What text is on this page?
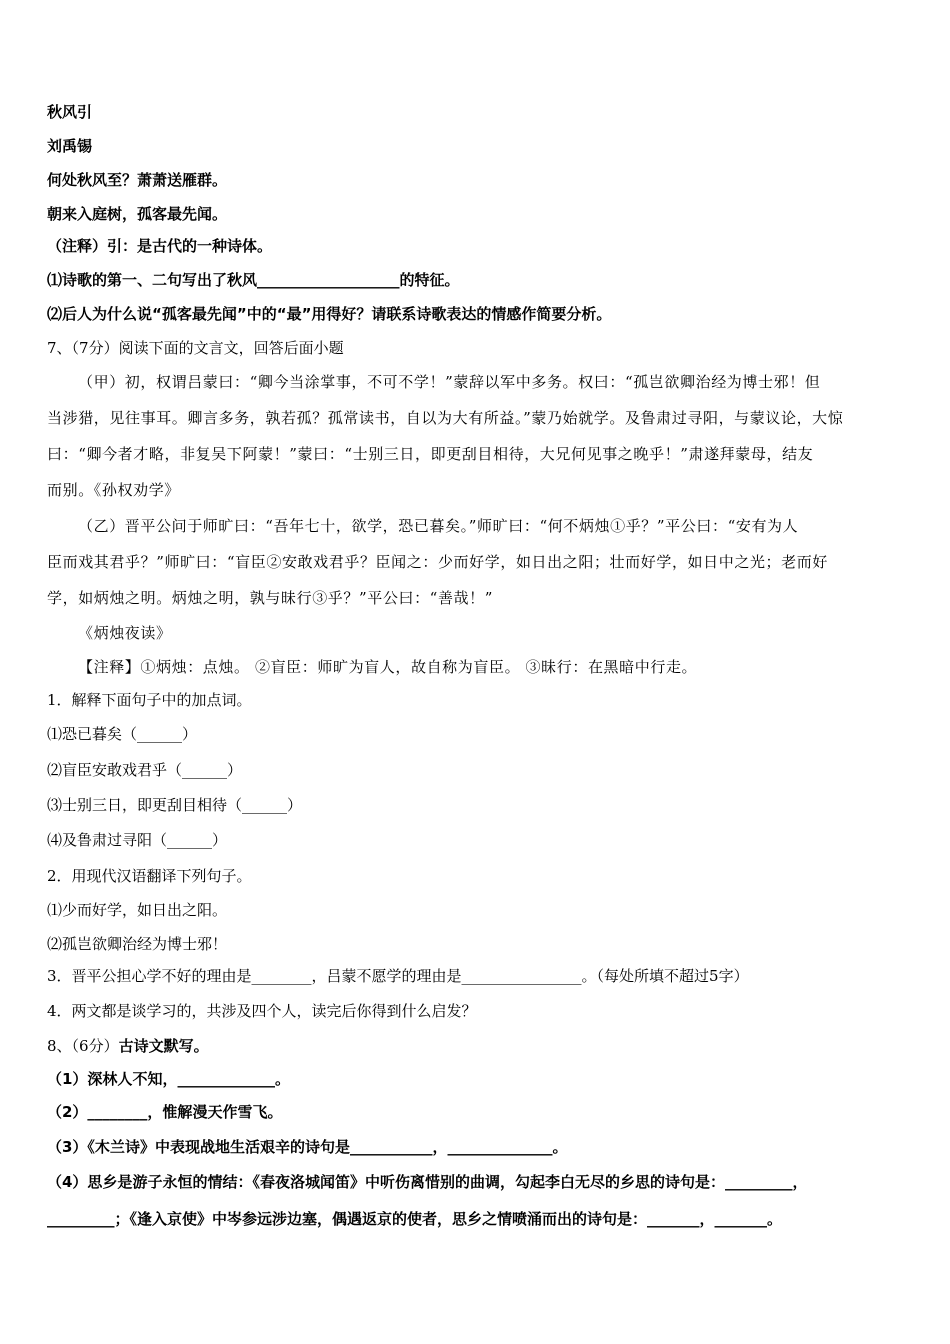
秋风引
刘禹锡
何处秋风至？萧萧送雁群。
朝来入庭树，孤客最先闻。
（注释）引：是古代的一种诗体。
⑴诗歌的第一、二句写出了秋风___________________的特征。
⑵后人为什么说“孤客最先闻”中的“最”用得好？请联系诗歌表达的情感作简要分析。
7、（7分）阅读下面的文言文，回答后面小题
（甲）初，权谓吕蒙曰：“卿今当涂掌事，不可不学！”蒙辞以军中多务。权曰：“孤岂欲卿治经为博士邪！但
当涉猎，见往事耳。卿言多务，孰若孤？孤常读书，自以为大有所益。”蒙乃始就学。及鲁肃过寻阳，与蒙议论，大惊
曰：“卿今者才略，非复吴下阿蒙！”蒙曰：“士别三日，即更刮目相待，大兄何见事之晚乎！”肃遂拜蒙母，结友
而别。《孙权劝学》
（乙）晋平公问于师旷曰：“吾年七十，欲学，恐已暮矣。”师旷曰：“何不炳烛①乎？”平公曰：“安有为人
臣而戏其君乎？”师旷曰：“盲臣②安敢戏君乎？臣闻之：少而好学，如日出之阳；壮而好学，如日中之光；老而好
学，如炳烛之明。炳烛之明，孰与昧行③乎？”平公曰：“善哉！”
《炳烛夜读》
【注释】①炳烛：点烛。 ②盲臣：师旷为盲人，故自称为盲臣。 ③昧行：在黑暗中行走。
1．解释下面句子中的加点词。
⑴恐已暮矣（______）
⑵盲臣安敢戏君乎（______）
⑶士别三日，即更刮目相待（______）
⑷及鲁肃过寻阳（______）
2．用现代汉语翻译下列句子。
⑴少而好学，如日出之阳。
⑵孤岂欲卿治经为博士邪！
3．晋平公担心学不好的理由是________，吕蒙不愿学的理由是________________。（每处所填不超过5字）
4．两文都是谈学习的，共涉及四个人，读完后你得到什么启发？
8、（6分）古诗文默写。
（1）深林人不知，_____________。
（2）________，惟解漫天作雪飞。
（3）《木兰诗》中表现战地生活艰辛的诗句是___________，______________。
（4）思乡是游子永恒的情结：《春夜洛城闻笛》中听伤离惜别的曲调，勾起李白无尽的乡思的诗句是：_________，
_________；《逢入京使》中岑参远涉边塞，偶遇返京的使者，思乡之情喷涌而出的诗句是：_______，_______。
